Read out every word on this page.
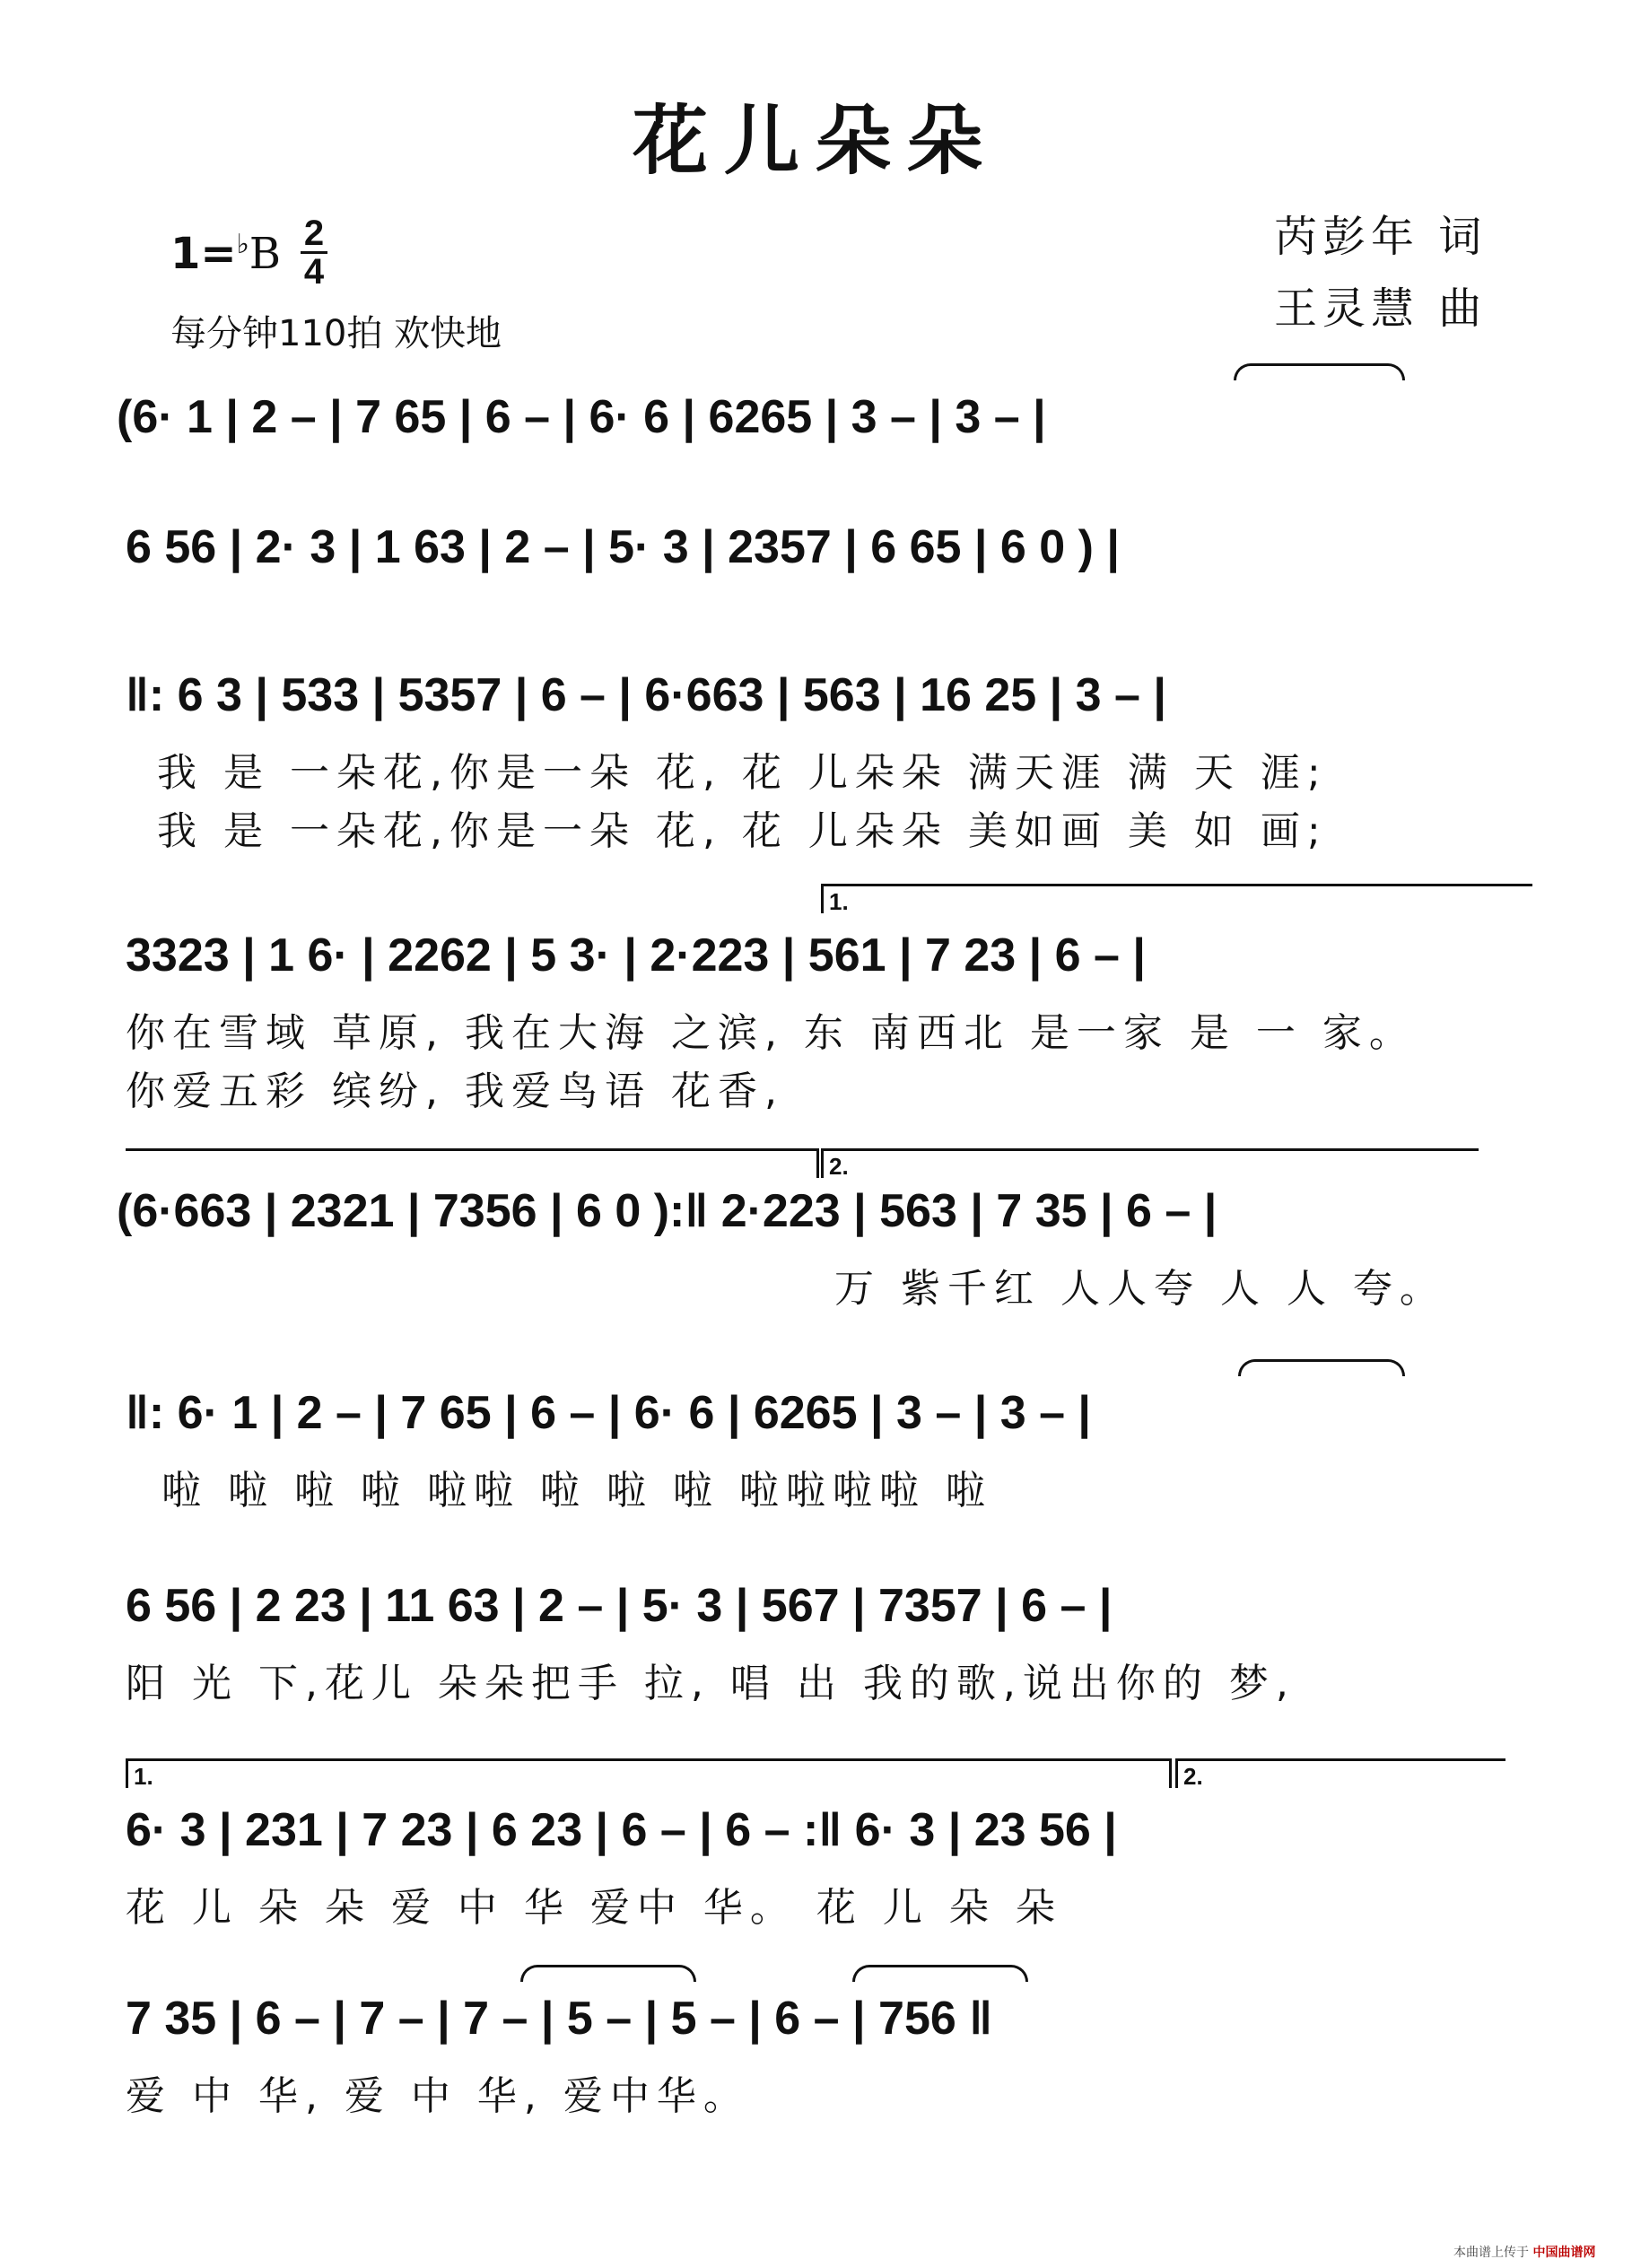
花儿朵朵
$1=^♭B \frac{2}{4}$
每分钟110拍 欢快地
芮彭年 词
王灵慧 曲
(6· 1 | 2 – | 7 65 | 6 – | 6· 6 | 6265 | 3 – | 3 – |
6 56 | 2· 3 | 1 63 | 2 – | 5· 3 | 2357 | 6 65 | 6 0 ) |
‖: 6 3 | 533 | 5357 | 6 – | 6·663 | 563 | 16 25 | 3 – |
我 是 一朵花,你是一朵 花, 花 儿朵朵 满天涯 满 天 涯;
我 是 一朵花,你是一朵 花, 花 儿朵朵 美如画 美 如 画;
1.
3323 | 1 6· | 2262 | 5 3· | 2·223 | 561 | 7 23 | 6 – |
你在雪域 草原, 我在大海 之滨, 东 南西北 是一家 是 一 家。
你爱五彩 缤纷, 我爱鸟语 花香,
2.
(6·663 | 2321 | 7356 | 6 0 ):‖ 2·223 | 563 | 7 35 | 6 – |
万 紫千红 人人夸 人 人 夸。
‖: 6· 1 | 2 – | 7 65 | 6 – | 6· 6 | 6265 | 3 – | 3 – |
啦 啦 啦 啦 啦啦 啦 啦 啦 啦啦啦啦 啦
6 56 | 2 23 | 11 63 | 2 – | 5· 3 | 567 | 7357 | 6 – |
阳 光 下,花儿 朵朵把手 拉, 唱 出 我的歌,说出你的 梦,
1.	2.
6· 3 | 231 | 7 23 | 6 23 | 6 – | 6 – :‖ 6· 3 | 23 56 |
花 儿 朵 朵 爱 中 华 爱中 华。 花 儿 朵 朵
7 35 | 6 – | 7 – | 7 – | 5 – | 5 – | 6 – | 756 ‖
爱 中 华, 爱 中 华, 爱中华。
本曲谱上传于 中国曲谱网
